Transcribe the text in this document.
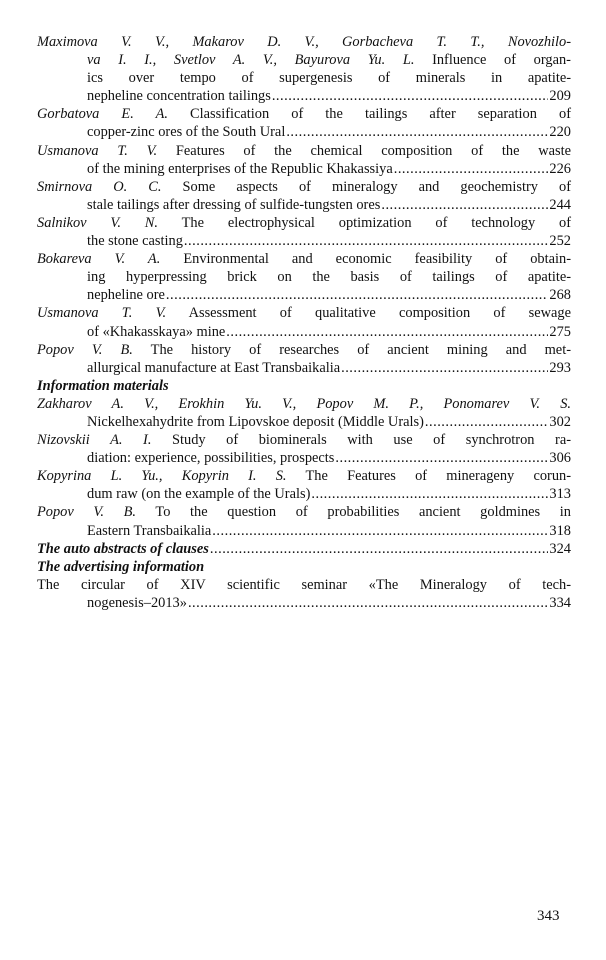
Maximova V. V., Makarov D. V., Gorbacheva T. T., Novozhilo-
va I. I., Svetlov A. V., Bayurova Yu. L. Influence of organ-
ics over tempo of supergenesis of minerals in apatite-
nepheline concentration tailings .....	209
Gorbatova E. A. Classification of the tailings after separation of
copper-zinc ores of the South Ural .....	220
Usmanova T. V. Features of the chemical composition of the waste
of the mining enterprises of the Republic Khakassiya .....	226
Smirnova O. C. Some aspects of mineralogy and geochemistry of
stale tailings after dressing of sulfide-tungsten ores .....	244
Salnikov V. N. The electrophysical optimization of technology of
the stone casting .....	252
Bokareva V. A. Environmental and economic feasibility of obtain-
ing hyperpressing brick on the basis of tailings of apatite-
nepheline ore .....	268
Usmanova T. V. Assessment of qualitative composition of sewage
of «Khakasskaya» mine .....	275
Popov V. B. The history of researches of ancient mining and met-
allurgical manufacture at East Transbaikalia .....	293
Information materials
Zakharov A. V., Erokhin Yu. V., Popov M. P., Ponomarev V. S.
Nickelhexahydrite from Lipovskoe deposit (Middle Urals) .....	302
Nizovskii A. I. Study of biominerals with use of synchrotron ra-
diation: experience, possibilities, prospects .....	306
Kopyrina L. Yu., Kopyrin I. S. The Features of mineragenу corun-
dum raw (on the example of the Urals) .....	313
Popov V. B. To the question of probabilities ancient goldmines in
Eastern Transbaikalia .....	318
The auto abstracts of clauses .....	324
The advertising information
The circular of XIV scientific seminar «The Mineralogy of tech-
nogenesis–2013» .....	334
343
